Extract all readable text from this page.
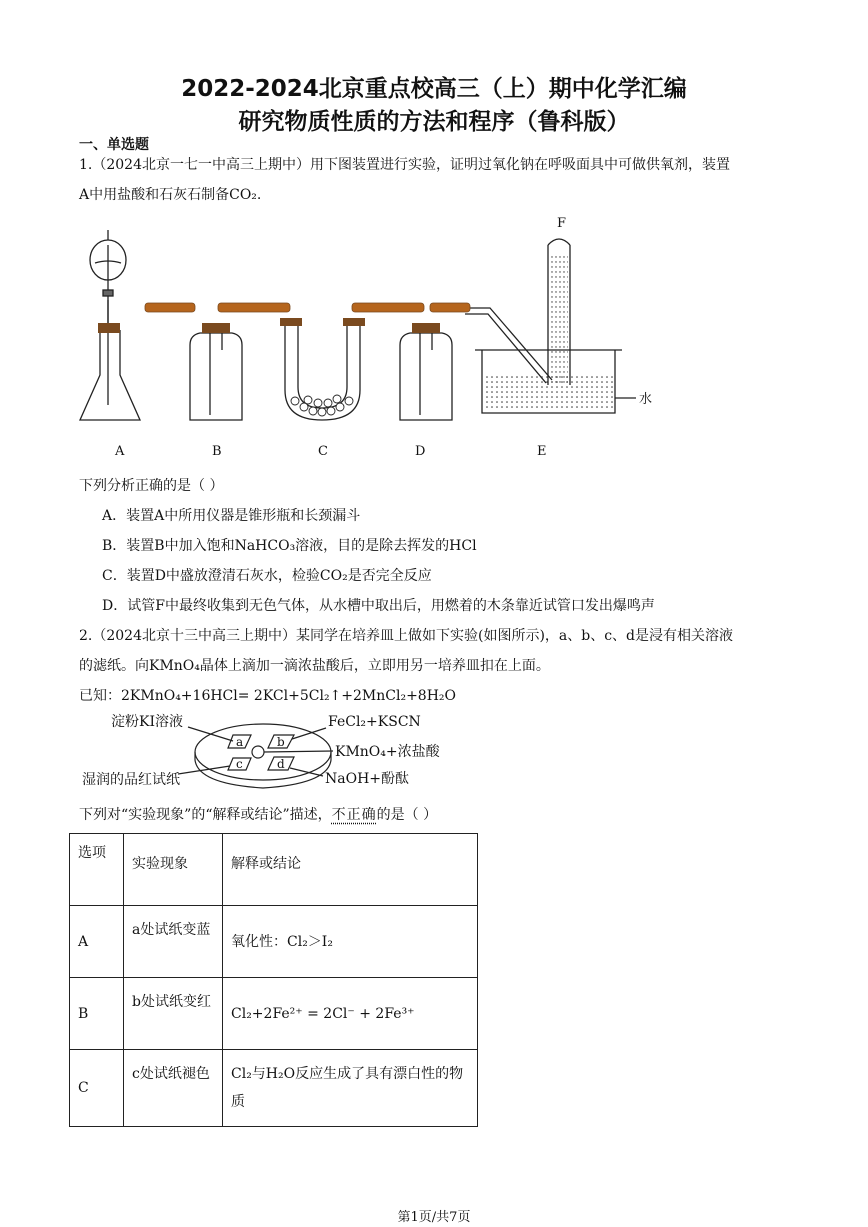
2022-2024北京重点校高三（上）期中化学汇编
研究物质性质的方法和程序（鲁科版）
一、单选题
1.（2024北京一七一中高三上期中）用下图装置进行实验，证明过氧化钠在呼吸面具中可做供氧剂，装置
A中用盐酸和石灰石制备CO₂.
A	B	C	D	E
F
水
下列分析正确的是（ ）
A．装置A中所用仪器是锥形瓶和长颈漏斗
B．装置B中加入饱和NaHCO₃溶液，目的是除去挥发的HCl
C．装置D中盛放澄清石灰水，检验CO₂是否完全反应
D．试管F中最终收集到无色气体，从水槽中取出后，用燃着的木条靠近试管口发出爆鸣声
2.（2024北京十三中高三上期中）某同学在培养皿上做如下实验(如图所示)，a、b、c、d是浸有相关溶液
的滤纸。向KMnO₄晶体上滴加一滴浓盐酸后，立即用另一培养皿扣在上面。
已知：2KMnO₄+16HCl= 2KCl+5Cl₂↑+2MnCl₂+8H₂O
a	b
c	d
淀粉KI溶液	FeCl₂+KSCN
KMnO₄+浓盐酸
湿润的品红试纸	NaOH+酚酞
下列对“实验现象”的“解释或结论”描述，不正确的是（ ）
选项	实验现象	解释或结论
A	a处试纸变蓝	氧化性：Cl₂＞I₂
B	b处试纸变红	Cl₂+2Fe²⁺ = 2Cl⁻ + 2Fe³⁺
C	c处试纸褪色	Cl₂与H₂O反应生成了具有漂白性的物质
第1页/共7页
